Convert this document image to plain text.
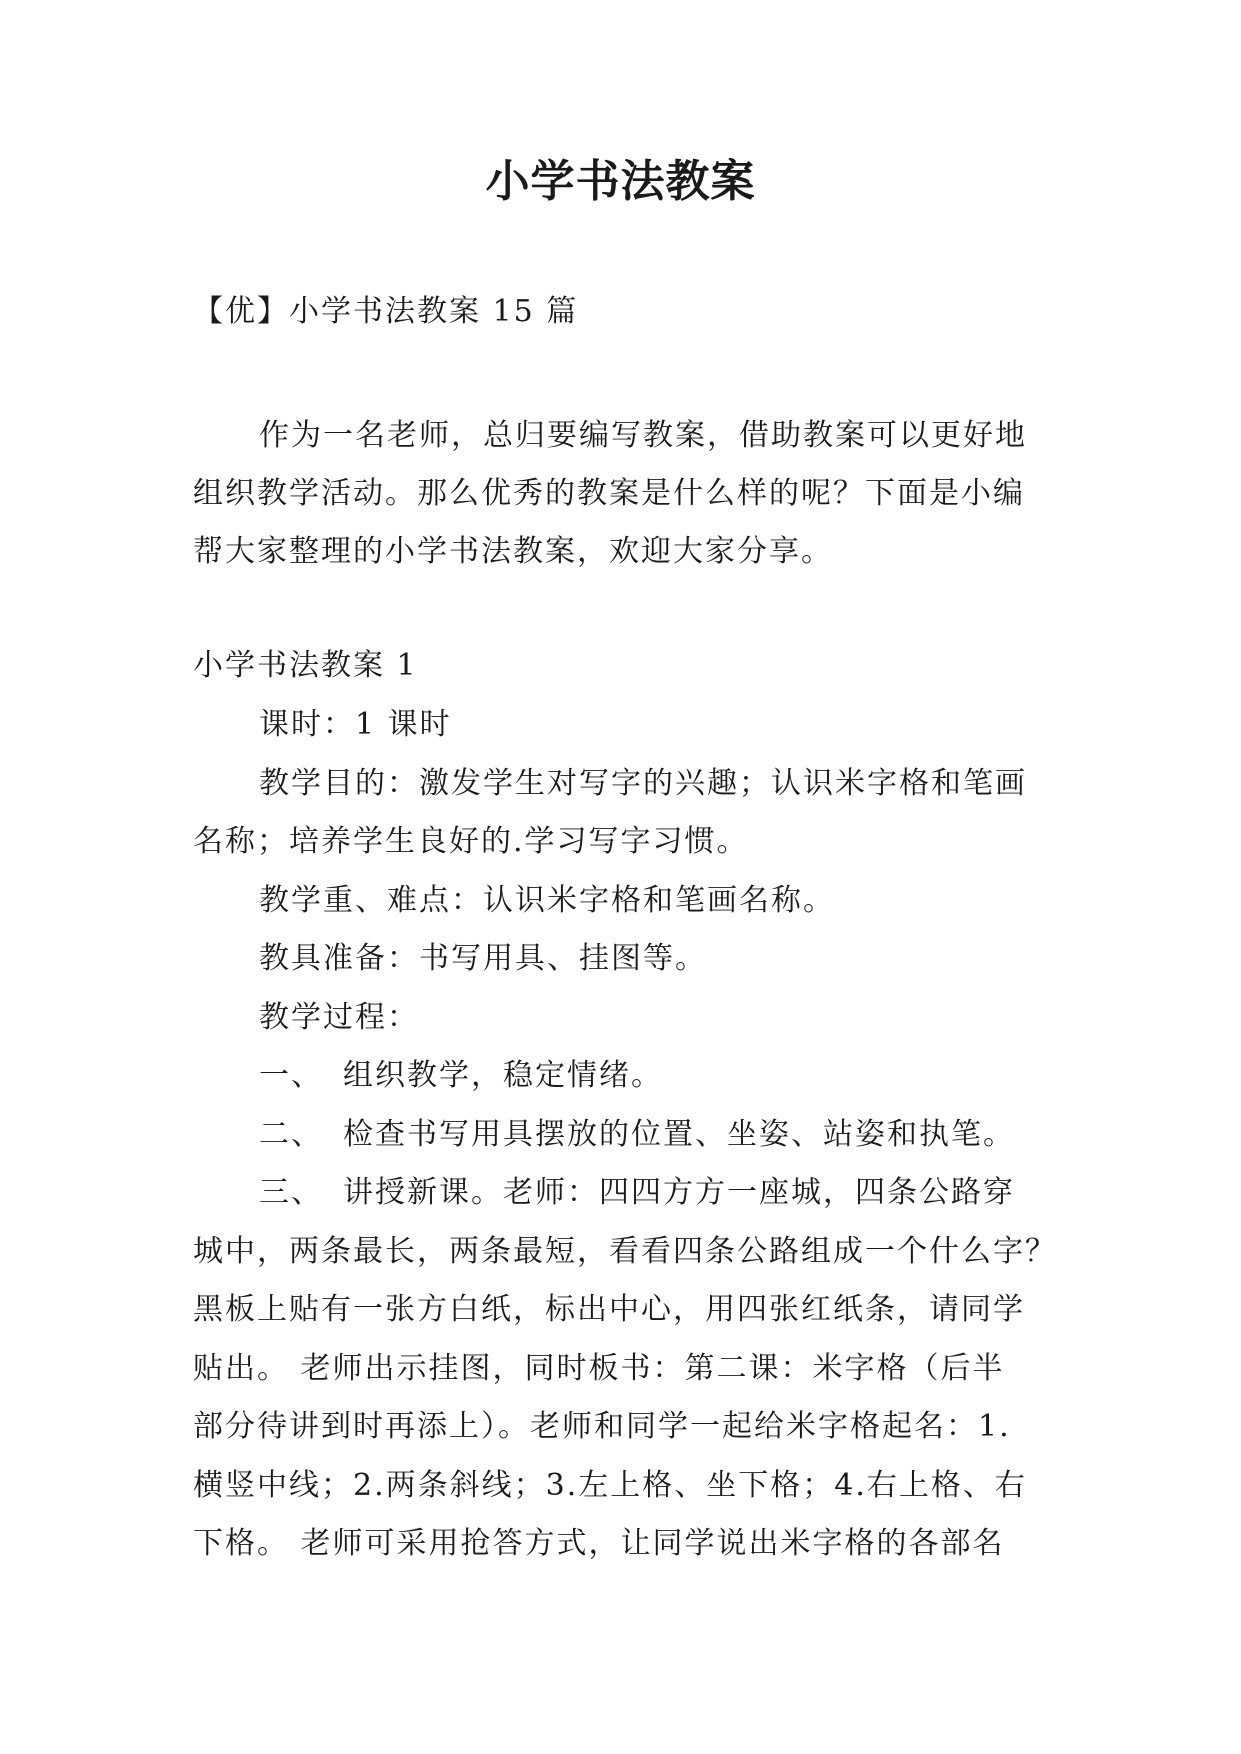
小学书法教案
【优】小学书法教案 15 篇
作为一名老师，总归要编写教案，借助教案可以更好地
组织教学活动。那么优秀的教案是什么样的呢？下面是小编
帮大家整理的小学书法教案，欢迎大家分享。
小学书法教案 1
课时：1 课时
教学目的：激发学生对写字的兴趣；认识米字格和笔画
名称；培养学生良好的.学习写字习惯。
教学重、难点：认识米字格和笔画名称。
教具准备：书写用具、挂图等。
教学过程：
一、 组织教学，稳定情绪。
二、 检查书写用具摆放的位置、坐姿、站姿和执笔。
三、 讲授新课。老师：四四方方一座城，四条公路穿
城中，两条最长，两条最短，看看四条公路组成一个什么字？
黑板上贴有一张方白纸，标出中心，用四张红纸条，请同学
贴出。 老师出示挂图，同时板书：第二课：米字格（后半
部分待讲到时再添上）。老师和同学一起给米字格起名：1.
横竖中线；2.两条斜线；3.左上格、坐下格；4.右上格、右
下格。 老师可采用抢答方式，让同学说出米字格的各部名
